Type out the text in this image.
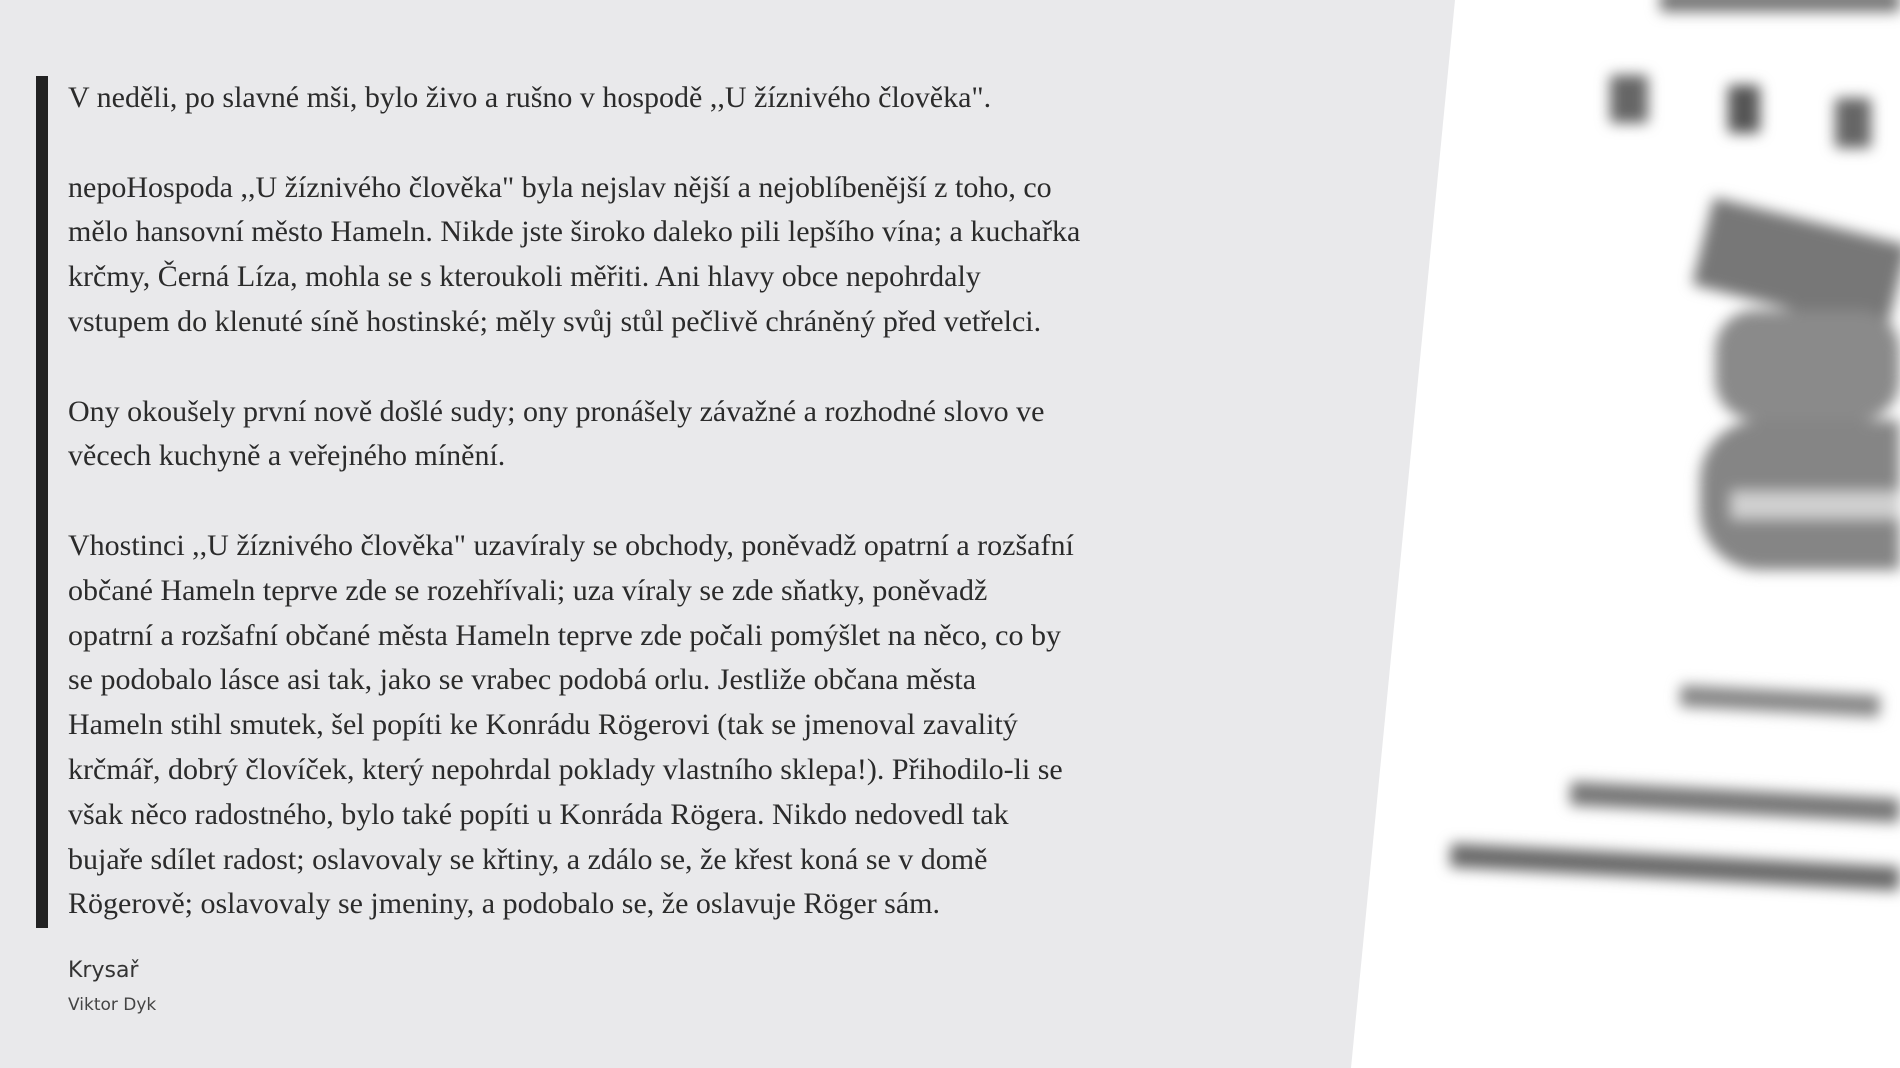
V neděli, po slavné mši, bylo živo a rušno v hospodě ,,U žíznivého člověka".

nepoHospoda ,,U žíznivého člověka" byla nejslav nější a nejoblíbenější z toho, co
mělo hansovní město Hameln. Nikde jste široko daleko pili lepšího vína; a kuchařka
krčmy, Černá Líza, mohla se s kteroukoli měřiti. Ani hlavy obce nepohrdaly
vstupem do klenuté síně hostinské; měly svůj stůl pečlivě chráněný před vetřelci.

Ony okoušely první nově došlé sudy; ony pronášely závažné a rozhodné slovo ve
věcech kuchyně a veřejného mínění.

Vhostinci ,,U žíznivého člověka" uzavíraly se obchody, poněvadž opatrní a rozšafní
občané Hameln teprve zde se rozehřívali; uza víraly se zde sňatky, poněvadž
opatrní a rozšafní občané města Hameln teprve zde počali pomýšlet na něco, co by
se podobalo lásce asi tak, jako se vrabec podobá orlu. Jestliže občana města
Hameln stihl smutek, šel popíti ke Konrádu Rögerovi (tak se jmenoval zavalitý
krčmář, dobrý človíček, který nepohrdal poklady vlastního sklepa!). Přihodilo-li se
však něco radostného, bylo také popíti u Konráda Rögera. Nikdo nedovedl tak
bujaře sdílet radost; oslavovaly se křtiny, a zdálo se, že křest koná se v domě
Rögerově; oslavovaly se jmeniny, a podobalo se, že oslavuje Röger sám.

Krysař
Viktor Dyk
